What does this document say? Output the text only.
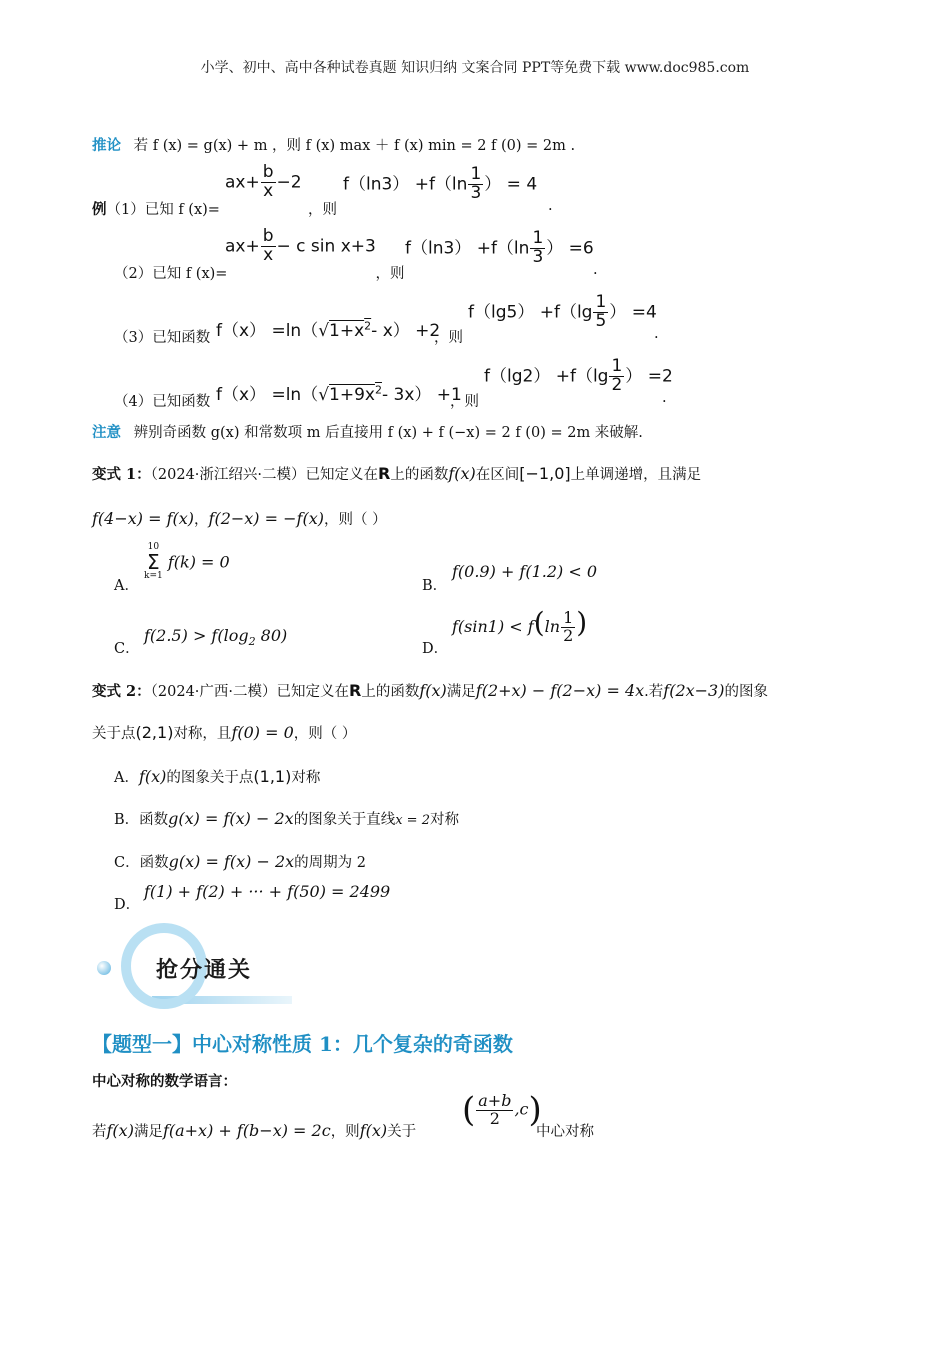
小学、初中、高中各种试卷真题 知识归纳 文案合同 PPT等免费下载 www.doc985.com
推论 若 f (x) = g(x) + m ，则 f (x) max ＋ f (x) min = 2 f (0) = 2m .
$ax+ \frac{b}{x} -2$ $f(\ln 3) +f(\ln \frac{1}{3}$ ） = 4
例（1）已知 f (x)=	，则	.
$ax+ \frac{b}{x} - c$ sin x+3 $f(\ln 3) +f(\ln \frac{1}{3}$ ） =6
（2）已知 f (x)=	，则	.
$f(\lg 5) +f(\lg \frac{1}{5}$ ） =4
（3）已知函数 $f(x) =\ln(√1+x^2-$ x） +2
，则	.
$f(\lg 2) +f(\lg \frac{1}{2}$ ） =2
（4）已知函数 $f(x) =\ln(√1+9x^2-$ 3x） +1
，则	.
注意 辨别奇函数 g(x) 和常数项 m 后直接用 f (x) + f (−x) = 2 f (0) = 2m 来破解.
变式 1：（2024·浙江绍兴·二模）已知定义在R上的函数f(x)在区间[−1,0]上单调递增，且满足
f(4−x) = f(x)，f(2−x) = −f(x)，则（ ）
A．
10
Σ
k=1
f(k) = 0
B．
f(0.9) + f(1.2) < 0
C．
$f(2.5) > f(\log_2$ 80)
D．
$f(\sin 1) < f(\ln \frac{1}{2}$ )
变式 2：（2024·广西·二模）已知定义在R上的函数f(x)满足f(2+x) − f(2−x) = 4x.若f(2x−3)的图象
关于点(2,1)对称，且f(0) = 0，则（ ）
A．f(x)的图象关于点(1,1)对称
B．函数g(x) = f(x) − 2x的图象关于直线x = 2对称
C．函数g(x) = f(x) − 2x的周期为 2
D．
f(1) + f(2) + ··· + f(50) = 2499
抢分通关
【题型一】中心对称性质 1：几个复杂的奇函数
中心对称的数学语言：
若f(x)满足f(a+x) + f(b−x) = 2c，则f(x)关于
( $\frac{a+b}{2} ,c$)
中心对称
